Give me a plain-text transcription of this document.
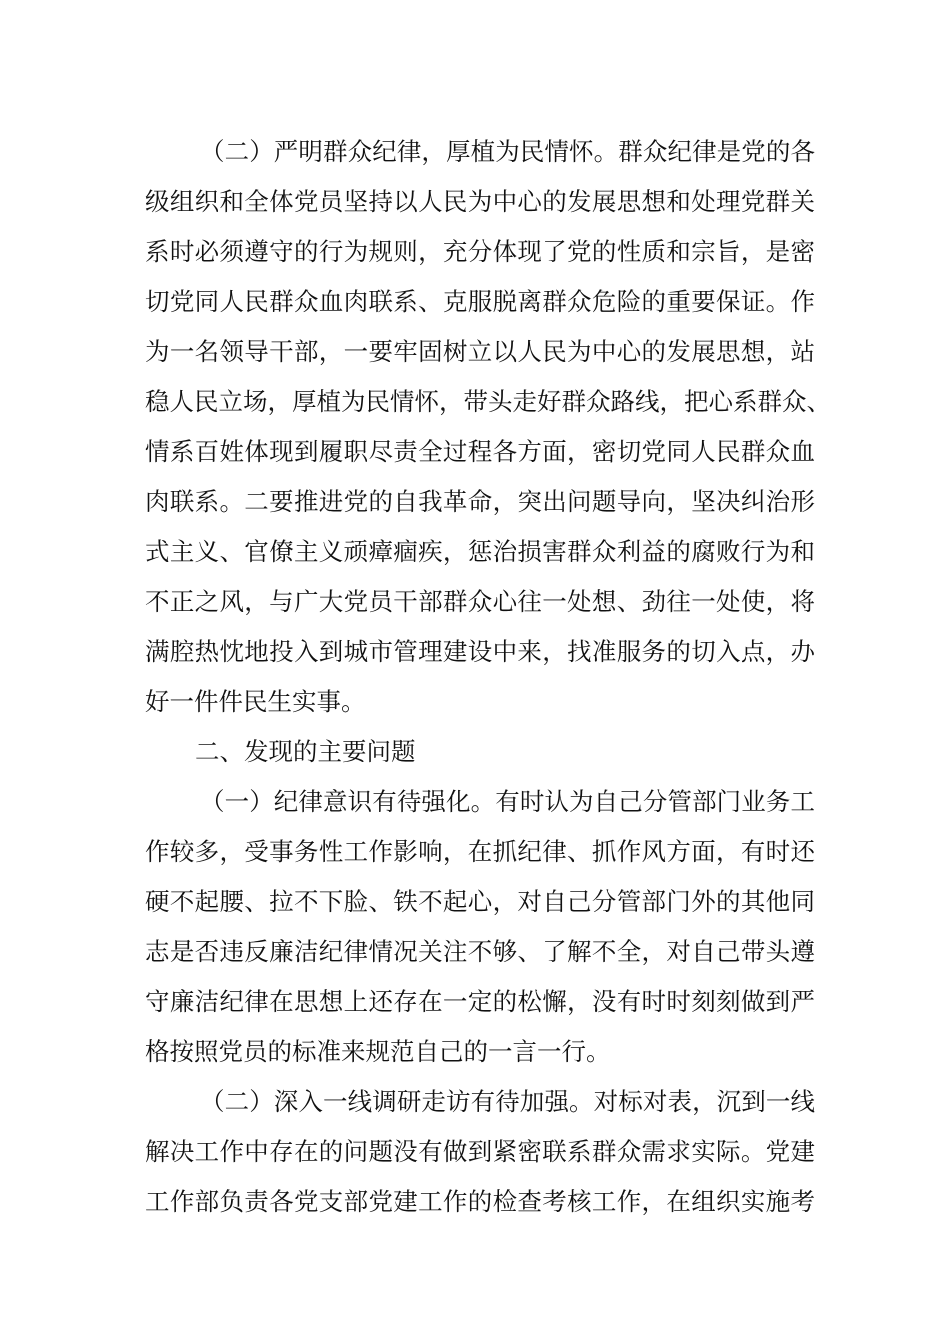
（二）严明群众纪律，厚植为民情怀。群众纪律是党的各
级组织和全体党员坚持以人民为中心的发展思想和处理党群关
系时必须遵守的行为规则，充分体现了党的性质和宗旨，是密
切党同人民群众血肉联系、克服脱离群众危险的重要保证。作
为一名领导干部，一要牢固树立以人民为中心的发展思想，站
稳人民立场，厚植为民情怀，带头走好群众路线，把心系群众、
情系百姓体现到履职尽责全过程各方面，密切党同人民群众血
肉联系。二要推进党的自我革命，突出问题导向，坚决纠治形
式主义、官僚主义顽瘴痼疾，惩治损害群众利益的腐败行为和
不正之风，与广大党员干部群众心往一处想、劲往一处使，将
满腔热忱地投入到城市管理建设中来，找准服务的切入点，办
好一件件民生实事。
二、发现的主要问题
（一）纪律意识有待强化。有时认为自己分管部门业务工
作较多，受事务性工作影响，在抓纪律、抓作风方面，有时还
硬不起腰、拉不下脸、铁不起心，对自己分管部门外的其他同
志是否违反廉洁纪律情况关注不够、了解不全，对自己带头遵
守廉洁纪律在思想上还存在一定的松懈，没有时时刻刻做到严
格按照党员的标准来规范自己的一言一行。
（二）深入一线调研走访有待加强。对标对表，沉到一线
解决工作中存在的问题没有做到紧密联系群众需求实际。党建
工作部负责各党支部党建工作的检查考核工作，在组织实施考
